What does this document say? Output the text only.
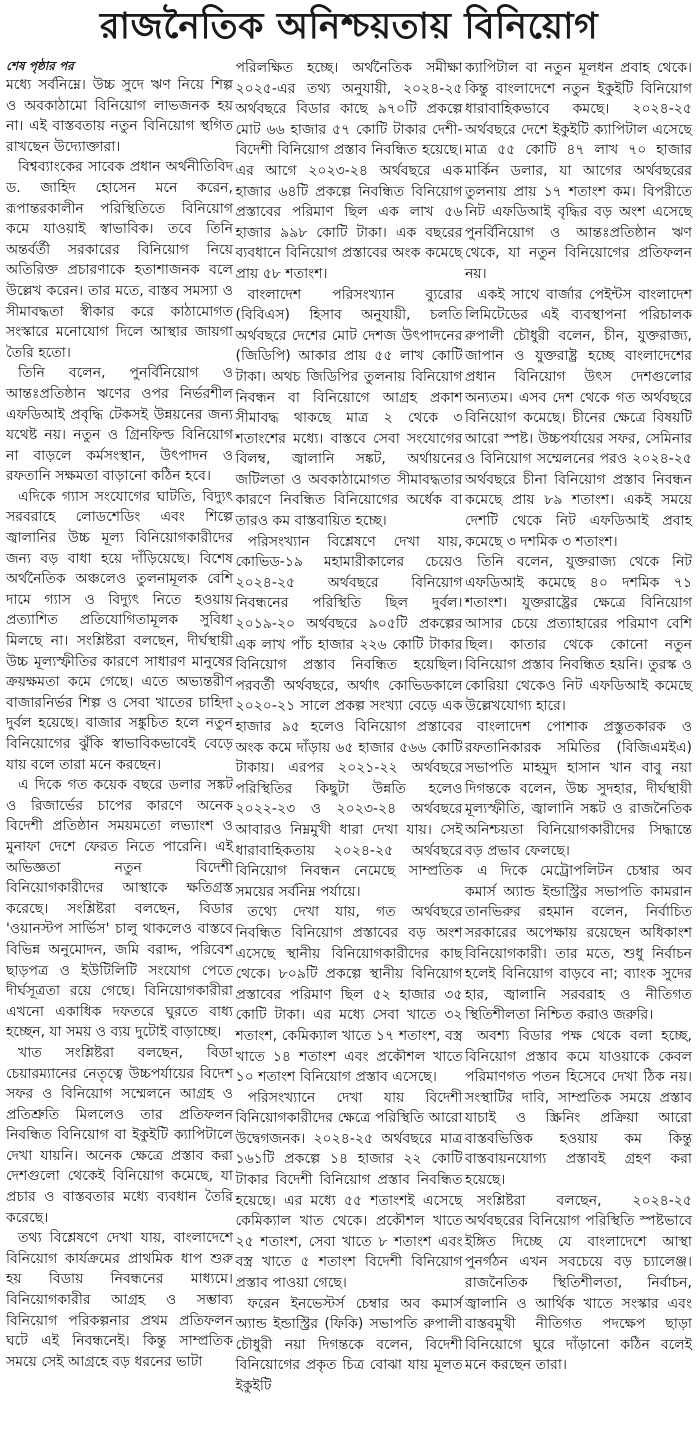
রাজনৈতিক অনিশ্চয়তায় বিনিয়োগ
শেষ পৃষ্ঠার পর

মধ্যে সর্বনিম্নে। উচ্চ সুদে ঋণ নিয়ে শিল্প ও অবকাঠামো বিনিয়োগ লাভজনক হয় না। এই বাস্তবতায় নতুন বিনিয়োগ স্থগিত রাখছেন উদ্যোক্তারা।

বিশ্বব্যাংকের সাবেক প্রধান অর্থনীতিবিদ ড. জাহিদ হোসেন মনে করেন, রূপান্তরকালীন পরিস্থিতিতে বিনিয়োগ কমে যাওয়াই স্বাভাবিক। তবে তিনি অন্তর্বর্তী সরকারের বিনিয়োগ নিয়ে অতিরিক্ত প্রচারণাকে হতাশাজনক বলে উল্লেখ করেন। তার মতে, বাস্তব সমস্যা ও সীমাবদ্ধতা স্বীকার করে কাঠামোগত সংস্কারে মনোযোগ দিলে আস্থার জায়গা তৈরি হতো।

তিনি বলেন, পুনর্বিনিয়োগ ও আন্তঃপ্রতিষ্ঠান ঋণের ওপর নির্ভরশীল এফডিআই প্রবৃদ্ধি টেকসই উন্নয়নের জন্য যথেষ্ট নয়। নতুন ও গ্রিনফিল্ড বিনিয়োগ না বাড়লে কর্মসংস্থান, উৎপাদন ও রফতানি সক্ষমতা বাড়ানো কঠিন হবে।

এদিকে গ্যাস সংযোগের ঘাটতি, বিদ্যুৎ সরবরাহে লোডশেডিং এবং শিল্পে জ্বালানির উচ্চ মূল্য বিনিয়োগকারীদের জন্য বড় বাধা হয়ে দাঁড়িয়েছে। বিশেষ অর্থনৈতিক অঞ্চলেও তুলনামূলক বেশি দামে গ্যাস ও বিদ্যুৎ নিতে হওয়ায় প্রত্যাশিত প্রতিযোগিতামূলক সুবিধা মিলছে না। সংশ্লিষ্টরা বলছেন, দীর্ঘস্থায়ী উচ্চ মূল্যস্ফীতির কারণে সাধারণ মানুষের ক্রয়ক্ষমতা কমে গেছে। এতে অভ্যন্তরীণ বাজারনির্ভর শিল্প ও সেবা খাতের চাহিদা দুর্বল হয়েছে। বাজার সঙ্কুচিত হলে নতুন বিনিয়োগের ঝুঁকি স্বাভাবিকভাবেই বেড়ে যায় বলে তারা মনে করছেন।

এ দিকে গত কয়েক বছরে ডলার সঙ্কট ও রিজার্ভের চাপের কারণে অনেক বিদেশী প্রতিষ্ঠান সময়মতো লভ্যাংশ ও মুনাফা দেশে ফেরত নিতে পারেনি। এই অভিজ্ঞতা নতুন বিদেশী বিনিয়োগকারীদের আস্থাকে ক্ষতিগ্রস্ত করেছে। সংশ্লিষ্টরা বলছেন, বিডার 'ওয়ানস্টপ সার্ভিস' চালু থাকলেও বাস্তবে বিভিন্ন অনুমোদন, জমি বরাদ্দ, পরিবেশ ছাড়পত্র ও ইউটিলিটি সংযোগ পেতে দীর্ঘসূত্রতা রয়ে গেছে। বিনিয়োগকারীরা এখনো একাধিক দফতরে ঘুরতে বাধ্য হচ্ছেন, যা সময় ও ব্যয় দুটোই বাড়াচ্ছে।

খাত সংশ্লিষ্টরা বলছেন, বিডা চেয়ারম্যানের নেতৃত্বে উচ্চপর্যায়ের বিদেশ সফর ও বিনিয়োগ সম্মেলনে আগ্রহ ও প্রতিশ্রুতি মিললেও তার প্রতিফলন নিবন্ধিত বিনিয়োগ বা ইকুইটি ক্যাপিটালে দেখা যায়নি। অনেক ক্ষেত্রে প্রস্তাব করা দেশগুলো থেকেই বিনিয়োগ কমেছে, যা প্রচার ও বাস্তবতার মধ্যে ব্যবধান তৈরি করেছে।

তথ্য বিশ্লেষণে দেখা যায়, বাংলাদেশে বিনিয়োগ কার্যক্রমের প্রাথমিক ধাপ শুরু হয় বিডায় নিবন্ধনের মাধ্যমে। বিনিয়োগকারীর আগ্রহ ও সম্ভাব্য বিনিয়োগ পরিকল্পনার প্রথম প্রতিফলন ঘটে এই নিবন্ধনেই। কিন্তু সাম্প্রতিক সময়ে সেই আগ্রহে বড় ধরনের ভাটা

পরিলক্ষিত হচ্ছে। অর্থনৈতিক সমীক্ষা ২০২৫-এর তথ্য অনুযায়ী, ২০২৪-২৫ অর্থবছরে বিডার কাছে ৯৭০টি প্রকল্পে মোট ৬৬ হাজার ৫৭ কোটি টাকার দেশী-বিদেশী বিনিয়োগ প্রস্তাব নিবন্ধিত হয়েছে। এর আগে ২০২৩-২৪ অর্থবছরে এক হাজার ৬৪টি প্রকল্পে নিবন্ধিত বিনিয়োগ প্রস্তাবের পরিমাণ ছিল এক লাখ ৫৬ হাজার ৯৯৮ কোটি টাকা। এক বছরের ব্যবধানে বিনিয়োগ প্রস্তাবের অংক কমেছে প্রায় ৫৮ শতাংশ।

বাংলাদেশ পরিসংখ্যান ব্যুরোর (বিবিএস) হিসাব অনুযায়ী, চলতি অর্থবছরে দেশের মোট দেশজ উৎপাদনের (জিডিপি) আকার প্রায় ৫৫ লাখ কোটি টাকা। অথচ জিডিপির তুলনায় বিনিয়োগ নিবন্ধন বা বিনিয়োগে আগ্রহ প্রকাশ সীমাবদ্ধ থাকছে মাত্র ২ থেকে ৩ শতাংশের মধ্যে। বাস্তবে সেবা সংযোগের বিলম্ব, জ্বালানি সঙ্কট, অর্থায়নের জটিলতা ও অবকাঠামোগত সীমাবদ্ধতার কারণে নিবন্ধিত বিনিয়োগের অর্ধেক বা তারও কম বাস্তবায়িত হচ্ছে।

পরিসংখ্যান বিশ্লেষণে দেখা যায়, কোভিড-১৯ মহামারীকালের চেয়েও ২০২৪-২৫ অর্থবছরে বিনিয়োগ নিবন্ধনের পরিস্থিতি ছিল দুর্বল। ২০১৯-২০ অর্থবছরে ৯০৫টি প্রকল্পের এক লাখ পাঁচ হাজার ২২৬ কোটি টাকার বিনিয়োগ প্রস্তাব নিবন্ধিত হয়েছিল। পরবর্তী অর্থবছরে, অর্থাৎ কোভিডকালে ২০২০-২১ সালে প্রকল্প সংখ্যা বেড়ে এক হাজার ৯৫ হলেও বিনিয়োগ প্রস্তাবের অংক কমে দাঁড়ায় ৬৫ হাজার ৫৬৬ কোটি টাকায়। এরপর ২০২১-২২ অর্থবছরে পরিস্থিতির কিছুটা উন্নতি হলেও ২০২২-২৩ ও ২০২৩-২৪ অর্থবছরে আবারও নিম্নমুখী ধারা দেখা যায়। সেই ধারাবাহিকতায় ২০২৪-২৫ অর্থবছরে বিনিয়োগ নিবন্ধন নেমেছে সাম্প্রতিক সময়ের সর্বনিম্ন পর্যায়ে।

তথ্যে দেখা যায়, গত অর্থবছরে নিবন্ধিত বিনিয়োগ প্রস্তাবের বড় অংশ এসেছে স্থানীয় বিনিয়োগকারীদের কাছ থেকে। ৮০৯টি প্রকল্পে স্থানীয় বিনিয়োগ প্রস্তাবের পরিমাণ ছিল ৫২ হাজার ৩৫ কোটি টাকা। এর মধ্যে সেবা খাতে ৩২ শতাংশ, কেমিক্যাল খাতে ১৭ শতাংশ, বস্ত্র খাতে ১৪ শতাংশ এবং প্রকৌশল খাতে ১০ শতাংশ বিনিয়োগ প্রস্তাব এসেছে।

পরিসংখ্যানে দেখা যায় বিদেশী বিনিয়োগকারীদের ক্ষেত্রে পরিস্থিতি আরো উদ্বেগজনক। ২০২৪-২৫ অর্থবছরে মাত্র ১৬১টি প্রকল্পে ১৪ হাজার ২২ কোটি টাকার বিদেশী বিনিয়োগ প্রস্তাব নিবন্ধিত হয়েছে। এর মধ্যে ৫৫ শতাংশই এসেছে কেমিক্যাল খাত থেকে। প্রকৌশল খাতে ২৫ শতাংশ, সেবা খাতে ৮ শতাংশ এবং বস্ত্র খাতে ৫ শতাংশ বিদেশী বিনিয়োগ প্রস্তাব পাওয়া গেছে।

ফরেন ইনভেস্টর্স চেম্বার অব কমার্স অ্যান্ড ইন্ডাস্ট্রির (ফিকি) সভাপতি রুপালী চৌধুরী নয়া দিগন্তকে বলেন, বিদেশী বিনিয়োগের প্রকৃত চিত্র বোঝা যায় মূলত ইকুইটি

ক্যাপিটাল বা নতুন মূলধন প্রবাহ থেকে। কিন্তু বাংলাদেশে নতুন ইকুইটি বিনিয়োগ ধারাবাহিকভাবে কমছে। ২০২৪-২৫ অর্থবছরে দেশে ইকুইটি ক্যাপিটাল এসেছে মাত্র ৫৫ কোটি ৪৭ লাখ ৭০ হাজার মার্কিন ডলার, যা আগের অর্থবছরের তুলনায় প্রায় ১৭ শতাংশ কম। বিপরীতে নিট এফডিআই বৃদ্ধির বড় অংশ এসেছে পুনর্বিনিয়োগ ও আন্তঃপ্রতিষ্ঠান ঋণ থেকে, যা নতুন বিনিয়োগের প্রতিফলন নয়।

একই সাথে বার্জার পেইন্টস বাংলাদেশ লিমিটেডের এই ব্যবস্থাপনা পরিচালক রুপালী চৌধুরী বলেন, চীন, যুক্তরাজ্য, জাপান ও যুক্তরাষ্ট্র হচ্ছে বাংলাদেশের প্রধান বিনিয়োগ উৎস দেশগুলোর অন্যতম। এসব দেশ থেকে গত অর্থবছরে বিনিয়োগ কমেছে। চীনের ক্ষেত্রে বিষয়টি আরো স্পষ্ট। উচ্চপর্যায়ের সফর, সেমিনার ও বিনিয়োগ সম্মেলনের পরও ২০২৪-২৫ অর্থবছরে চীনা বিনিয়োগ প্রস্তাব নিবন্ধন কমেছে প্রায় ৮৯ শতাংশ। একই সময়ে দেশটি থেকে নিট এফডিআই প্রবাহ কমেছে ৩ দশমিক ৩ শতাংশ।

তিনি বলেন, যুক্তরাজ্য থেকে নিট এফডিআই কমেছে ৪০ দশমিক ৭১ শতাংশ। যুক্তরাষ্ট্রের ক্ষেত্রে বিনিয়োগ আসার চেয়ে প্রত্যাহারের পরিমাণ বেশি ছিল। কাতার থেকে কোনো নতুন বিনিয়োগ প্রস্তাব নিবন্ধিত হয়নি। তুরস্ক ও কোরিয়া থেকেও নিট এফডিআই কমেছে উল্লেখযোগ্য হারে।

বাংলাদেশ পোশাক প্রস্তুতকারক ও রফতানিকারক সমিতির (বিজিএমইএ) সভাপতি মাহমুদ হাসান খান বাবু নয়া দিগন্তকে বলেন, উচ্চ সুদহার, দীর্ঘস্থায়ী মূল্যস্ফীতি, জ্বালানি সঙ্কট ও রাজনৈতিক অনিশ্চয়তা বিনিয়োগকারীদের সিদ্ধান্তে বড় প্রভাব ফেলছে।

এ দিকে মেট্রোপলিটন চেম্বার অব কমার্স অ্যান্ড ইন্ডাস্ট্রির সভাপতি কামরান তানভিরুর রহমান বলেন, নির্বাচিত সরকারের অপেক্ষায় রয়েছেন অধিকাংশ বিনিয়োগকারী। তার মতে, শুধু নির্বাচন হলেই বিনিয়োগ বাড়বে না; ব্যাংক সুদের হার, জ্বালানি সরবরাহ ও নীতিগত স্থিতিশীলতা নিশ্চিত করাও জরুরি।

অবশ্য বিডার পক্ষ থেকে বলা হচ্ছে, বিনিয়োগ প্রস্তাব কমে যাওয়াকে কেবল পরিমাণগত পতন হিসেবে দেখা ঠিক নয়। সংস্থাটির দাবি, সাম্প্রতিক সময়ে প্রস্তাব যাচাই ও স্ক্রিনিং প্রক্রিয়া আরো বাস্তবভিত্তিক হওয়ায় কম কিন্তু বাস্তবায়নযোগ্য প্রস্তাবই গ্রহণ করা হয়েছে।

সংশ্লিষ্টরা বলছেন, ২০২৪-২৫ অর্থবছরের বিনিয়োগ পরিস্থিতি স্পষ্টভাবে ইঙ্গিত দিচ্ছে যে বাংলাদেশে আস্থা পুনর্গঠন এখন সবচেয়ে বড় চ্যালেঞ্জ। রাজনৈতিক স্থিতিশীলতা, নির্বাচন, জ্বালানি ও আর্থিক খাতে সংস্কার এবং বাস্তবমুখী নীতিগত পদক্ষেপ ছাড়া বিনিয়োগে ঘুরে দাঁড়ানো কঠিন বলেই মনে করছেন তারা।
